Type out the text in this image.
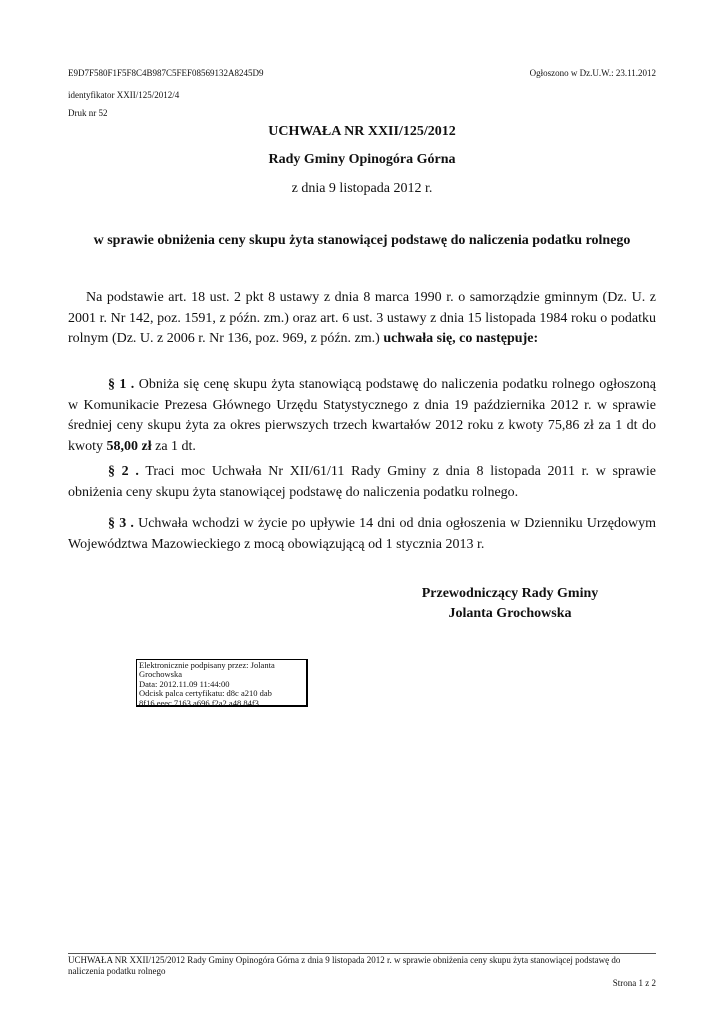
E9D7F580F1F5F8C4B987C5FEF08569132A8245D9	Ogłoszono w Dz.U.W.: 23.11.2012
identyfikator XXII/125/2012/4
Druk nr 52
UCHWAŁA NR XXII/125/2012
Rady Gminy Opinogóra Górna
z dnia 9 listopada 2012 r.
w sprawie obniżenia ceny skupu żyta stanowiącej podstawę do naliczenia podatku rolnego
Na podstawie art. 18 ust. 2 pkt 8 ustawy z dnia 8 marca 1990 r. o samorządzie gminnym (Dz. U. z 2001 r. Nr 142, poz. 1591, z późn. zm.) oraz art. 6 ust. 3 ustawy z dnia 15 listopada 1984 roku o podatku rolnym (Dz. U. z 2006 r. Nr 136, poz. 969, z późn. zm.) uchwała się, co następuje:
§ 1 . Obniża się cenę skupu żyta stanowiącą podstawę do naliczenia podatku rolnego ogłoszoną w Komunikacie Prezesa Głównego Urzędu Statystycznego z dnia 19 października 2012 r. w sprawie średniej ceny skupu żyta za okres pierwszych trzech kwartałów 2012 roku z kwoty 75,86 zł za 1 dt do kwoty 58,00 zł za 1 dt.
§ 2 . Traci moc Uchwała Nr XII/61/11 Rady Gminy z dnia 8 listopada 2011 r. w sprawie obniżenia ceny skupu żyta stanowiącej podstawę do naliczenia podatku rolnego.
§ 3 . Uchwała wchodzi w życie po upływie 14 dni od dnia ogłoszenia w Dzienniku Urzędowym Województwa Mazowieckiego z mocą obowiązującą od 1 stycznia 2013 r.
Przewodniczący Rady Gminy
Jolanta Grochowska
Elektronicznie podpisany przez: Jolanta
Grochowska
Data: 2012.11.09 11:44:00
Odcisk palca certyfikatu: d8c a210 dab
8f16 eeec 7163 a696 f2a2 a48 84f3
UCHWAŁA NR XXII/125/2012 Rady Gminy Opinogóra Górna z dnia 9 listopada 2012 r. w sprawie obniżenia ceny skupu żyta stanowiącej podstawę do naliczenia podatku rolnego
Strona 1 z 2
